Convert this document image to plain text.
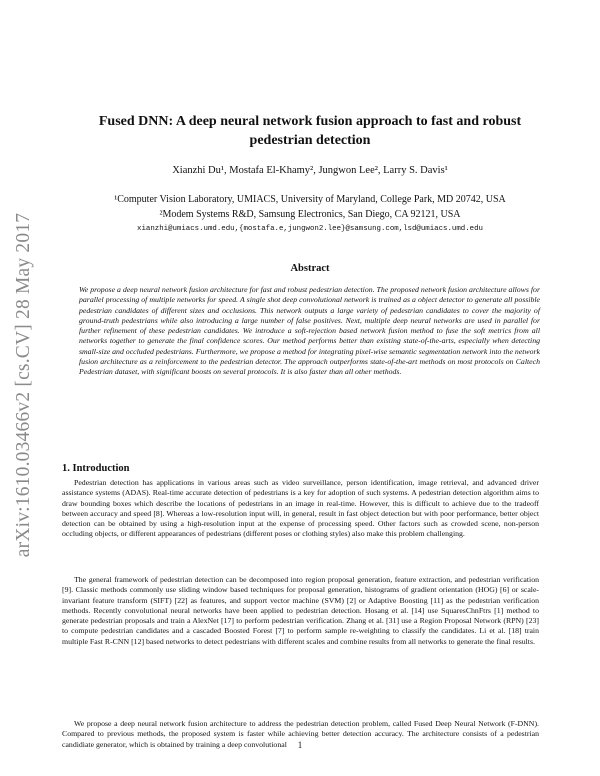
arXiv:1610.03466v2 [cs.CV] 28 May 2017
Fused DNN: A deep neural network fusion approach to fast and robust pedestrian detection

Xianzhi Du¹, Mostafa El-Khamy², Jungwon Lee², Larry S. Davis¹

¹Computer Vision Laboratory, UMIACS, University of Maryland, College Park, MD 20742, USA

²Modem Systems R&D, Samsung Electronics, San Diego, CA 92121, USA

xianzhi@umiacs.umd.edu,{mostafa.e,jungwon2.lee}@samsung.com,lsd@umiacs.umd.edu

Abstract

We propose a deep neural network fusion architecture for fast and robust pedestrian detection. The proposed network fusion architecture allows for parallel processing of multiple networks for speed. A single shot deep convolutional network is trained as a object detector to generate all possible pedestrian candidates of different sizes and occlusions. This network outputs a large variety of pedestrian candidates to cover the majority of ground-truth pedestrians while also introducing a large number of false positives. Next, multiple deep neural networks are used in parallel for further refinement of these pedestrian candidates. We introduce a soft-rejection based network fusion method to fuse the soft metrics from all networks together to generate the final confidence scores. Our method performs better than existing state-of-the-arts, especially when detecting small-size and occluded pedestrians. Furthermore, we propose a method for integrating pixel-wise semantic segmentation network into the network fusion architecture as a reinforcement to the pedestrian detector. The approach outperforms state-of-the-art methods on most protocols on Caltech Pedestrian dataset, with significant boosts on several protocols. It is also faster than all other methods.

1. Introduction

Pedestrian detection has applications in various areas such as video surveillance, person identification, image retrieval, and advanced driver assistance systems (ADAS). Real-time accurate detection of pedestrians is a key for adoption of such systems. A pedestrian detection algorithm aims to draw bounding boxes which describe the locations of pedestrians in an image in real-time. However, this is difficult to achieve due to the tradeoff between accuracy and speed [8]. Whereas a low-resolution input will, in general, result in fast object detection but with poor performance, better object detection can be obtained by using a high-resolution input at the expense of processing speed. Other factors such as crowded scene, non-person occluding objects, or different appearances of pedestrians (different poses or clothing styles) also make this problem challenging.

The general framework of pedestrian detection can be decomposed into region proposal generation, feature extraction, and pedestrian verification [9]. Classic methods commonly use sliding window based techniques for proposal generation, histograms of gradient orientation (HOG) [6] or scale-invariant feature transform (SIFT) [22] as features, and support vector machine (SVM) [2] or Adaptive Boosting [11] as the pedestrian verification methods. Recently convolutional neural networks have been applied to pedestrian detection. Hosang et al. [14] use SquaresChnFtrs [1] method to generate pedestrian proposals and train a AlexNet [17] to perform pedestrian verification. Zhang et al. [31] use a Region Proposal Network (RPN) [23] to compute pedestrian candidates and a cascaded Boosted Forest [7] to perform sample re-weighting to classify the candidates. Li et al. [18] train multiple Fast R-CNN [12] based networks to detect pedestrians with different scales and combine results from all networks to generate the final results.

We propose a deep neural network fusion architecture to address the pedestrian detection problem, called Fused Deep Neural Network (F-DNN). Compared to previous methods, the proposed system is faster while achieving better detection accuracy. The architecture consists of a pedestrian candidiate generator, which is obtained by training a deep convolutional	1
